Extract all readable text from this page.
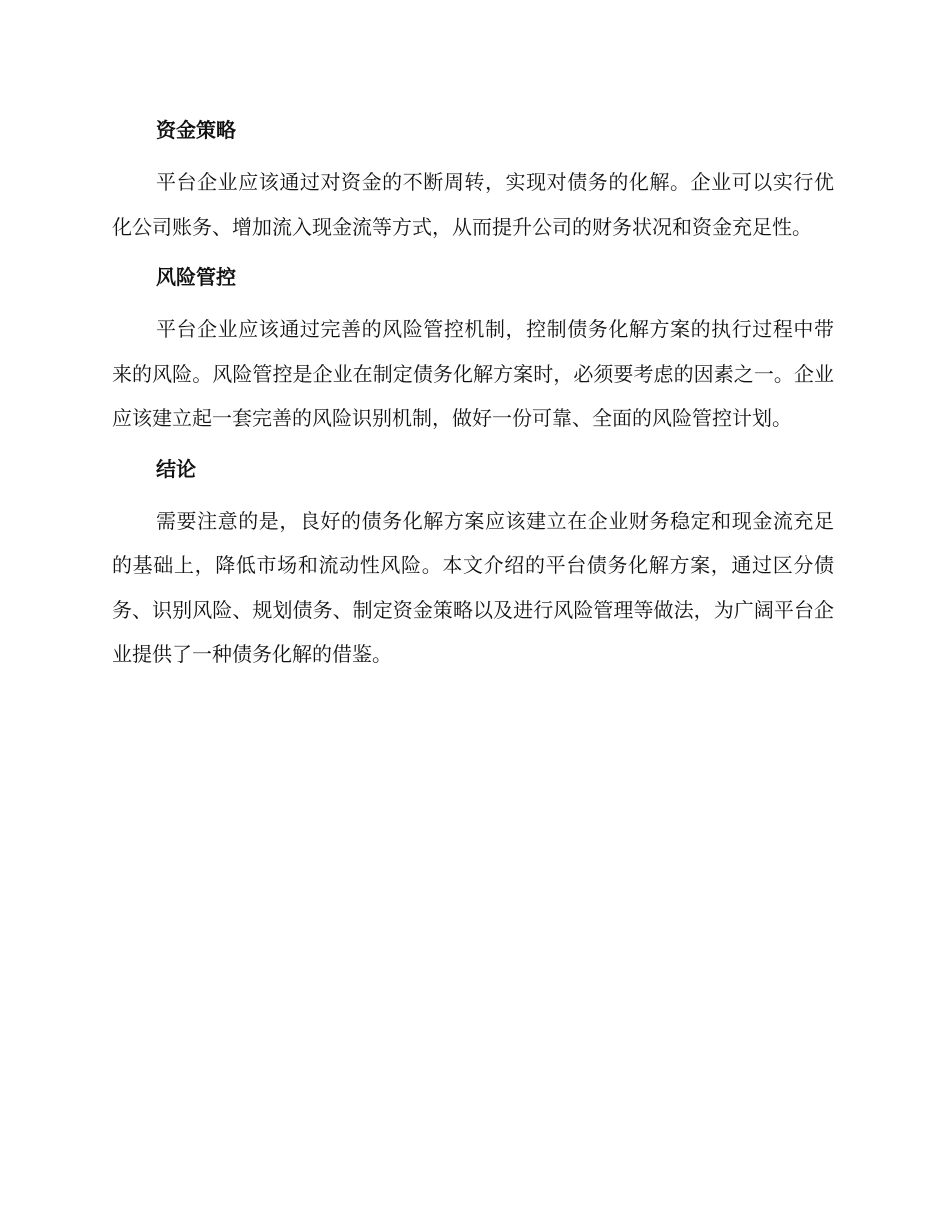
资金策略

平台企业应该通过对资金的不断周转，实现对债务的化解。企业可以实行优化公司账务、增加流入现金流等方式，从而提升公司的财务状况和资金充足性。

风险管控

平台企业应该通过完善的风险管控机制，控制债务化解方案的执行过程中带来的风险。风险管控是企业在制定债务化解方案时，必须要考虑的因素之一。企业应该建立起一套完善的风险识别机制，做好一份可靠、全面的风险管控计划。

结论

需要注意的是，良好的债务化解方案应该建立在企业财务稳定和现金流充足的基础上，降低市场和流动性风险。本文介绍的平台债务化解方案，通过区分债务、识别风险、规划债务、制定资金策略以及进行风险管理等做法，为广阔平台企业提供了一种债务化解的借鉴。
